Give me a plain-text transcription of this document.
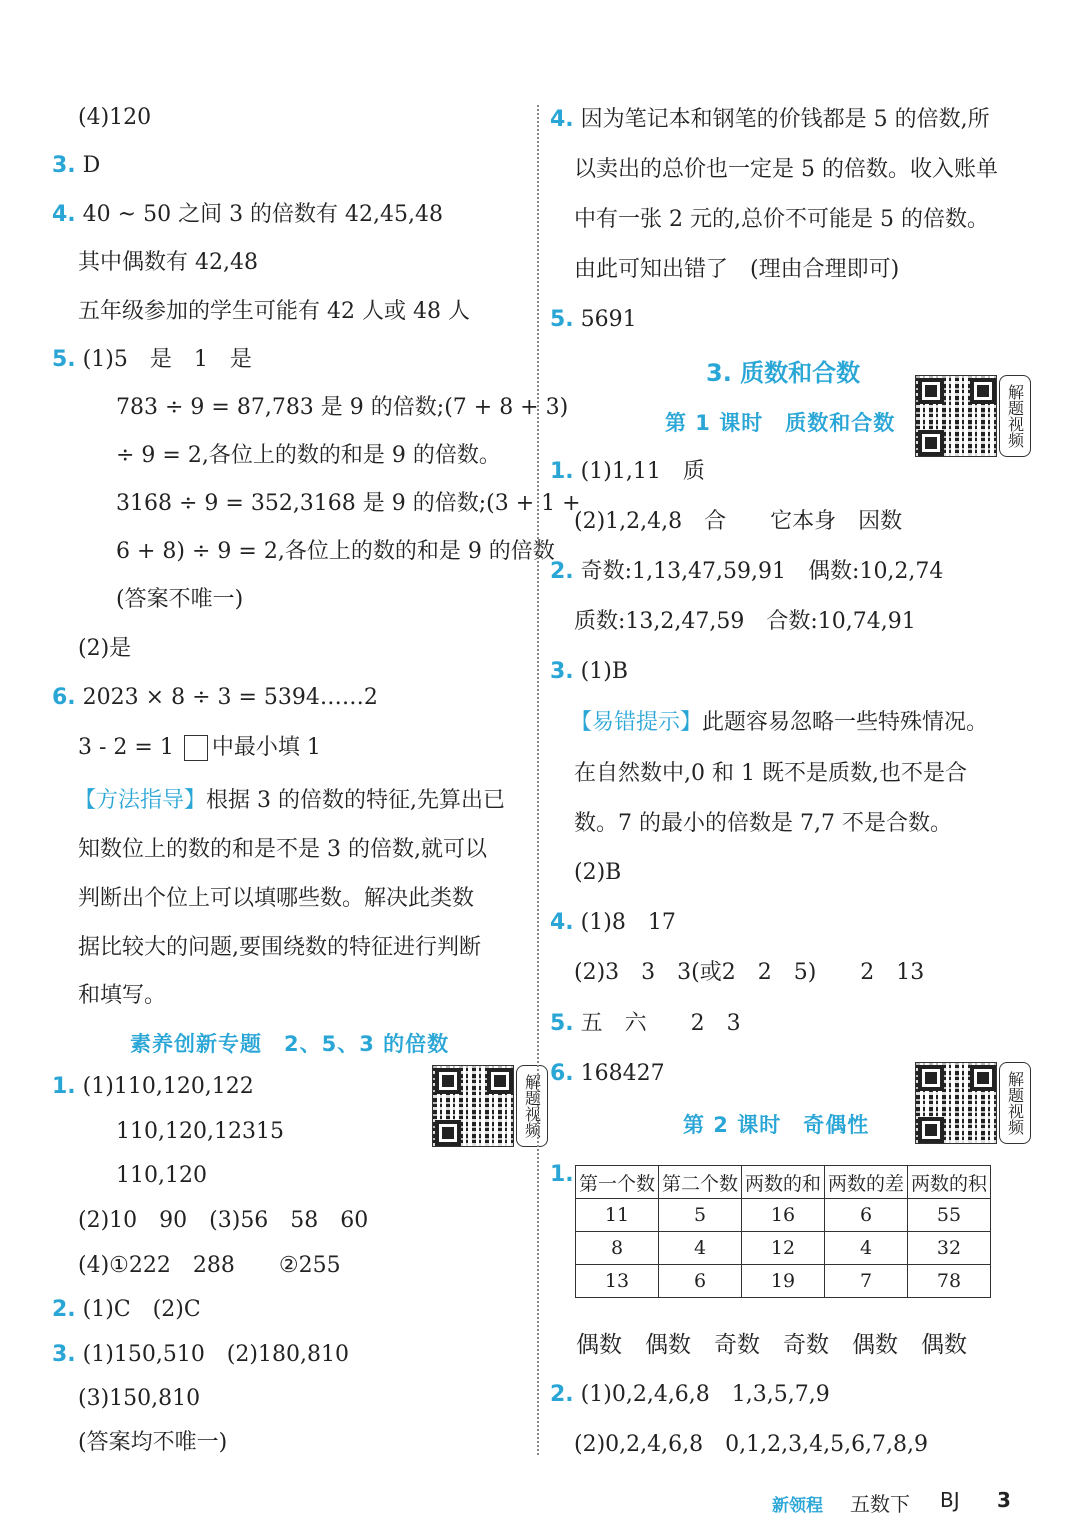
(4)120
3. D
4. 40 ~ 50 之间 3 的倍数有 42,45,48
其中偶数有 42,48
五年级参加的学生可能有 42 人或 48 人
5. (1)5　是　1　是
783 ÷ 9 = 87,783 是 9 的倍数;(7 + 8 + 3)
÷ 9 = 2,各位上的数的和是 9 的倍数。
3168 ÷ 9 = 352,3168 是 9 的倍数;(3 + 1 +
6 + 8) ÷ 9 = 2,各位上的数的和是 9 的倍数
(答案不唯一)
(2)是
6. 2023 × 8 ÷ 3 = 5394……2
3 - 2 = 1 中最小填 1
【方法指导】根据 3 的倍数的特征,先算出已
知数位上的数的和是不是 3 的倍数,就可以
判断出个位上可以填哪些数。解决此类数
据比较大的问题,要围绕数的特征进行判断
和填写。
素养创新专题　2、5、3 的倍数
解题视频
1. (1)110,120,122
110,120,12315
110,120
(2)10　90　(3)56　58　60
(4)①222　288　　②255
2. (1)C　(2)C
3. (1)150,510　(2)180,810
(3)150,810
(答案均不唯一)
4. 因为笔记本和钢笔的价钱都是 5 的倍数,所
以卖出的总价也一定是 5 的倍数。收入账单
中有一张 2 元的,总价不可能是 5 的倍数。
由此可知出错了　(理由合理即可)
5. 5691
3. 质数和合数
解题视频
第 1 课时　质数和合数
1. (1)1,11　质
(2)1,2,4,8　合　　它本身　因数
2. 奇数:1,13,47,59,91　偶数:10,2,74
质数:13,2,47,59　合数:10,74,91
3. (1)B
【易错提示】此题容易忽略一些特殊情况。
在自然数中,0 和 1 既不是质数,也不是合
数。7 的最小的倍数是 7,7 不是合数。
(2)B
4. (1)8　17
(2)3　3　3(或2　2　5)　　2　13
5. 五　六　　2　3
6. 168427	解题视频
第 2 课时　奇偶性
1. 第一个数	第二个数	两数的和	两数的差	两数的积
11	5	16	6	55
8	4	12	4	32
13	6	19	7	78
偶数　偶数　奇数　奇数　偶数　偶数
2. (1)0,2,4,6,8　1,3,5,7,9
(2)0,2,4,6,8　0,1,2,3,4,5,6,7,8,9
新领程 五数下 BJ 3
